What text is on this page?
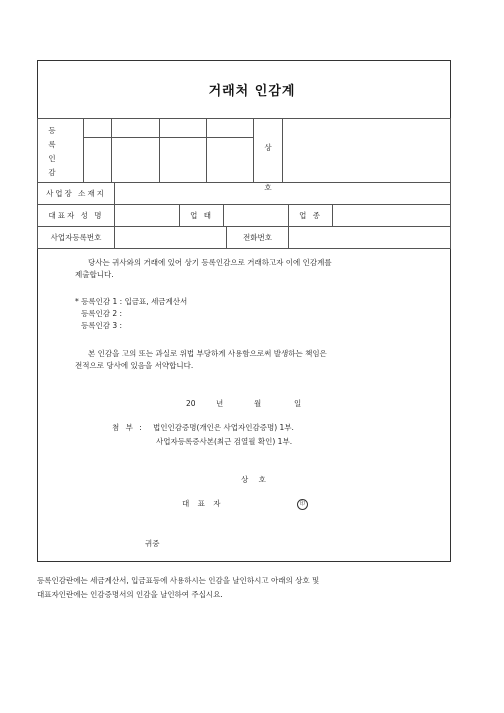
거래처 인감계
등
록
인
감
상
호
사업장 소재지
대표자 성 명	업 태	업 종
사업자등록번호	전화번호
당사는 귀사와의 거래에 있어 상기 등록인감으로 거래하고자 이에 인감계를
제출합니다.
* 등록인감 1 : 입금표, 세금계산서
등록인감 2 :
등록인감 3 :
본 인감을 고의 또는 과실로 위법 부당하게 사용함으로써 발생하는 책임은
전적으로 당사에 있음을 서약합니다.
20	년	월	일
첨 부 : 법인인감증명(개인은 사업자인감증명) 1부.
사업자등록증사본(최근 검열필 확인) 1부.
상 호
대 표 자	印
귀중
등록인감란에는 세금계산서, 입금표등에 사용하시는 인감을 날인하시고 아래의 상호 및
대표자인란에는 인감증명서의 인감을 날인하여 주십시요.
